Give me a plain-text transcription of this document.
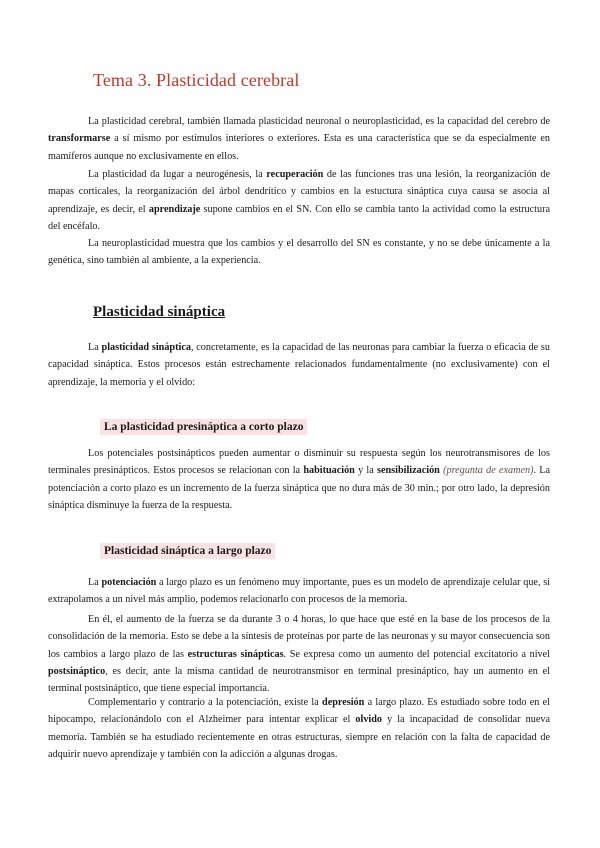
Tema 3. Plasticidad cerebral

La plasticidad cerebral, también llamada plasticidad neuronal o neuroplasticidad, es la capacidad del cerebro de transformarse a sí mismo por estímulos interiores o exteriores. Esta es una característica que se da especialmente en mamíferos aunque no exclusivamente en ellos.

La plasticidad da lugar a neurogénesis, la recuperación de las funciones tras una lesión, la reorganización de mapas corticales, la reorganización del árbol dendrítico y cambios en la estuctura sináptica cuya causa se asocia al aprendizaje, es decir, el aprendizaje supone cambios en el SN. Con ello se cambia tanto la actividad como la estructura del encéfalo.

La neuroplasticidad muestra que los cambios y el desarrollo del SN es constante, y no se debe únicamente a la genética, sino también al ambiente, a la experiencia.

Plasticidad sináptica

La plasticidad sináptica, concretamente, es la capacidad de las neuronas para cambiar la fuerza o eficacia de su capacidad sináptica. Estos procesos están estrechamente relacionados fundamentalmente (no exclusivamente) con el aprendizaje, la memoria y el olvido:

La plasticidad presináptica a corto plazo

Los potenciales postsinápticos pueden aumentar o disminuir su respuesta según los neurotransmisores de los terminales presinápticos. Estos procesos se relacionan con la habituación y la sensibilización (pregunta de examen). La potenciación a corto plazo es un incremento de la fuerza sináptica que no dura más de 30 min.; por otro lado, la depresión sináptica disminuye la fuerza de la respuesta.

Plasticidad sináptica a largo plazo

La potenciación a largo plazo es un fenómeno muy importante, pues es un modelo de aprendizaje celular que, si extrapolamos a un nivel más amplio, podemos relacionarlo con procesos de la memoria.

En él, el aumento de la fuerza se da durante 3 o 4 horas, lo que hace que esté en la base de los procesos de la consolidación de la memoria. Esto se debe a la síntesis de proteínas por parte de las neuronas y su mayor consecuencia son los cambios a largo plazo de las estructuras sinápticas. Se expresa como un aumento del potencial excitatorio a nivel postsináptico, es decir, ante la misma cantidad de neurotransmisor en terminal presináptico, hay un aumento en el terminal postsináptico, que tiene especial importancia.

Complementario y contrario a la potenciación, existe la depresión a largo plazo. Es estudiado sobre todo en el hipocampo, relacionándolo con el Alzheimer para intentar explicar el olvido y la incapacidad de consolidar nueva memoria. También se ha estudiado recientemente en otras estructuras, siempre en relación con la falta de capacidad de adquirir nuevo aprendizaje y también con la adicción a algunas drogas.
